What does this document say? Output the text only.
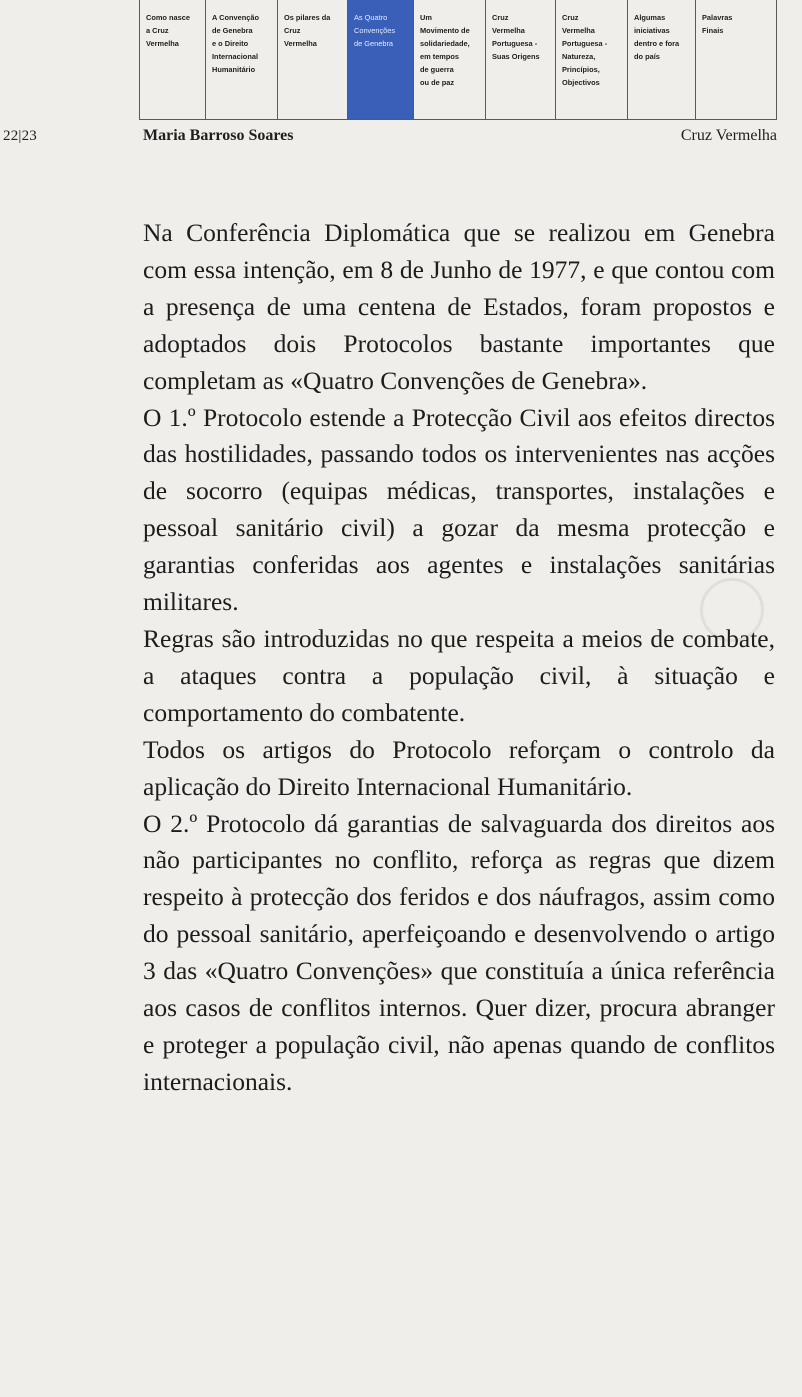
Como nasce
a Cruz
Vermelha
A Convenção
de Genebra
e o Direito
Internacional
Humanitário
Os pilares da
Cruz
Vermelha
As Quatro
Convenções
de Genebra
Um
Movimento de
solidariedade,
em tempos
de guerra
ou de paz
Cruz
Vermelha
Portuguesa -
Suas Origens
Cruz
Vermelha
Portuguesa -
Natureza,
Princípios,
Objectivos
Algumas
iniciativas
dentro e fora
do país
Palavras
Finais
22|23	Maria Barroso Soares	Cruz Vermelha

Na Conferência Diplomática que se realizou em Genebra com essa intenção, em 8 de Junho de 1977, e que contou com a presença de uma centena de Estados, foram propostos e adoptados dois Protocolos bastante importantes que completam as «Quatro Convenções de Genebra».

O 1.º Protocolo estende a Protecção Civil aos efeitos directos das hostilidades, passando todos os intervenientes nas acções de socorro (equipas médicas, transportes, instalações e pessoal sanitário civil) a gozar da mesma protecção e garantias conferidas aos agentes e instalações sanitárias militares.

Regras são introduzidas no que respeita a meios de combate, a ataques contra a população civil, à situação e comportamento do combatente.

Todos os artigos do Protocolo reforçam o controlo da aplicação do Direito Internacional Humanitário.

O 2.º Protocolo dá garantias de salvaguarda dos direitos aos não participantes no conflito, reforça as regras que dizem respeito à protecção dos feridos e dos náufragos, assim como do pessoal sanitário, aperfeiçoando e desenvolvendo o artigo 3 das «Quatro Convenções» que constituía a única referência aos casos de conflitos internos. Quer dizer, procura abranger e proteger a população civil, não apenas quando de conflitos internacionais.
